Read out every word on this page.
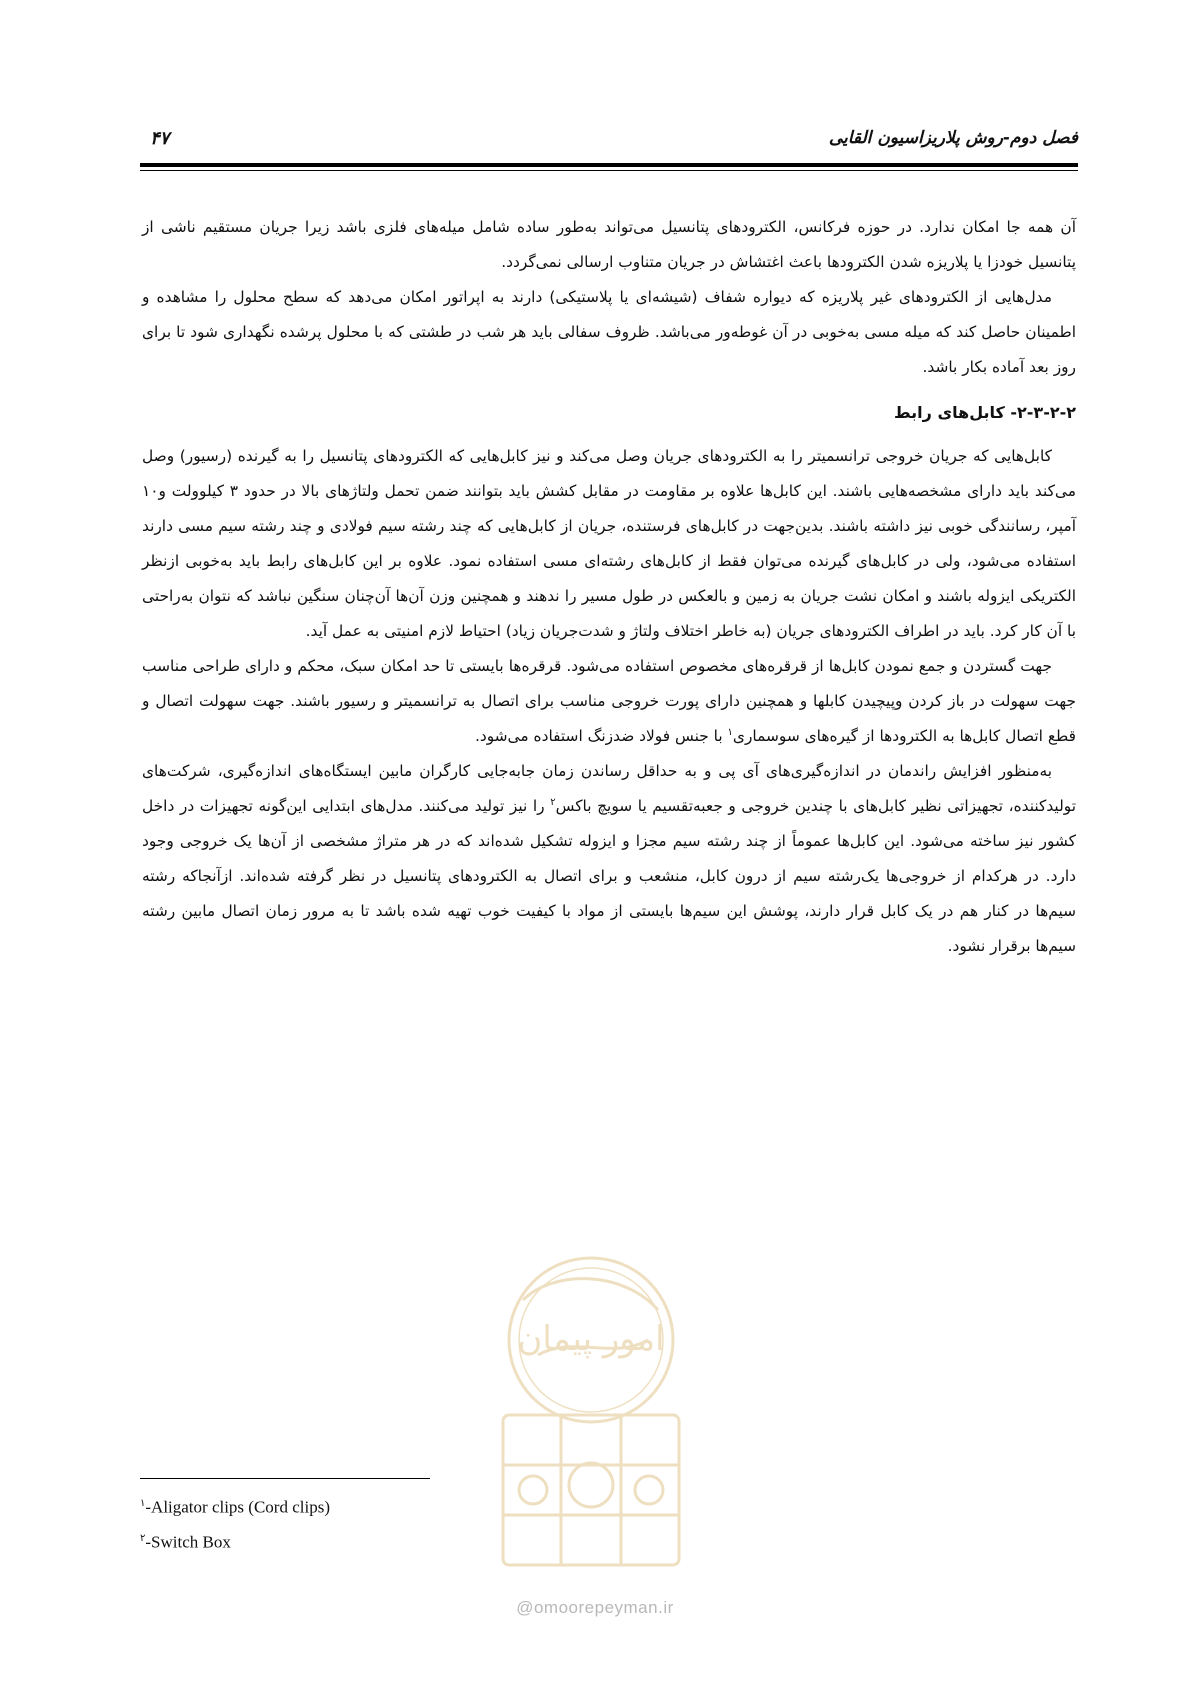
فصل دوم-روش پلاریزاسیون القایی
۴۷

آن همه جا امکان ندارد. در حوزه فرکانس، الکترودهای پتانسیل می‌تواند به‌طور ساده شامل میله‌های فلزی باشد زیرا جریان مستقیم ناشی از پتانسیل خودزا یا پلاریزه شدن الکترودها باعث اغتشاش در جریان متناوب ارسالی نمی‌گردد.

مدل‌هایی از الکترودهای غیر پلاریزه که دیواره شفاف (شیشه‌ای یا پلاستیکی) دارند به اپراتور امکان می‌دهد که سطح محلول را مشاهده و اطمینان حاصل کند که میله مسی به‌خوبی در آن غوطه‌ور می‌باشد. ظروف سفالی باید هر شب در طشتی که با محلول پرشده نگهداری شود تا برای روز بعد آماده بکار باشد.

۲-۳-۲-۲- کابل‌های رابط

کابل‌هایی که جریان خروجی ترانسمیتر را به الکترودهای جریان وصل می‌کند و نیز کابل‌هایی که الکترودهای پتانسیل را به گیرنده (رسیور) وصل می‌کند باید دارای مشخصه‌هایی باشند. این کابل‌ها علاوه بر مقاومت در مقابل کشش باید بتوانند ضمن تحمل ولتاژهای بالا در حدود ۳ کیلوولت و۱۰ آمپر، رسانندگی خوبی نیز داشته باشند. بدین‌جهت در کابل‌های فرستنده، جریان از کابل‌هایی که چند رشته سیم فولادی و چند رشته سیم مسی دارند استفاده می‌شود، ولی در کابل‌های گیرنده می‌توان فقط از کابل‌های رشته‌ای مسی استفاده نمود. علاوه بر این کابل‌های رابط باید به‌خوبی ازنظر الکتریکی ایزوله باشند و امکان نشت جریان به زمین و بالعکس در طول مسیر را ندهند و همچنین وزن آن‌ها آن‌چنان سنگین نباشد که نتوان به‌راحتی با آن کار کرد. باید در اطراف الکترودهای جریان (به خاطر اختلاف ولتاژ و شدت‌جریان زیاد) احتیاط لازم امنیتی به عمل آید.

جهت گستردن و جمع نمودن کابل‌ها از قرقره‌های مخصوص استفاده می‌شود. قرقره‌ها بایستی تا حد امکان سبک، محکم و دارای طراحی مناسب جهت سهولت در باز کردن وپیچیدن کابلها و همچنین دارای پورت خروجی مناسب برای اتصال به ترانسمیتر و رسیور باشند. جهت سهولت اتصال و قطع اتصال کابل‌ها به الکترودها از گیره‌های سوسماری$^۱$ با جنس فولاد ضدزنگ استفاده می‌شود.

به‌منظور افزایش راندمان در اندازه‌گیری‌های آی پی و به حداقل رساندن زمان جابه‌جایی کارگران مابین ایستگاه‌های اندازه‌گیری، شرکت‌های تولیدکننده، تجهیزاتی نظیر کابل‌های با چندین خروجی و جعبه‌تقسیم یا سویچ باکس$^۲$ را نیز تولید می‌کنند. مدل‌های ابتدایی این‌گونه تجهیزات در داخل کشور نیز ساخته می‌شود. این کابل‌ها عموماً از چند رشته سیم مجزا و ایزوله تشکیل شده‌اند که در هر متراژ مشخصی از آن‌ها یک خروجی وجود دارد. در هرکدام از خروجی‌ها یک‌رشته سیم از درون کابل، منشعب و برای اتصال به الکترودهای پتانسیل در نظر گرفته شده‌اند. ازآنجاکه رشته سیم‌ها در کنار هم در یک کابل قرار دارند، پوشش این سیم‌ها بایستی از مواد با کیفیت خوب تهیه شده باشد تا به مرور زمان اتصال مابین رشته سیم‌ها برقرار نشود.

امور پیمان
@omoorepeyman.ir
$^۱$-Aligator clips (Cord clips)
$^۲$-Switch Box
